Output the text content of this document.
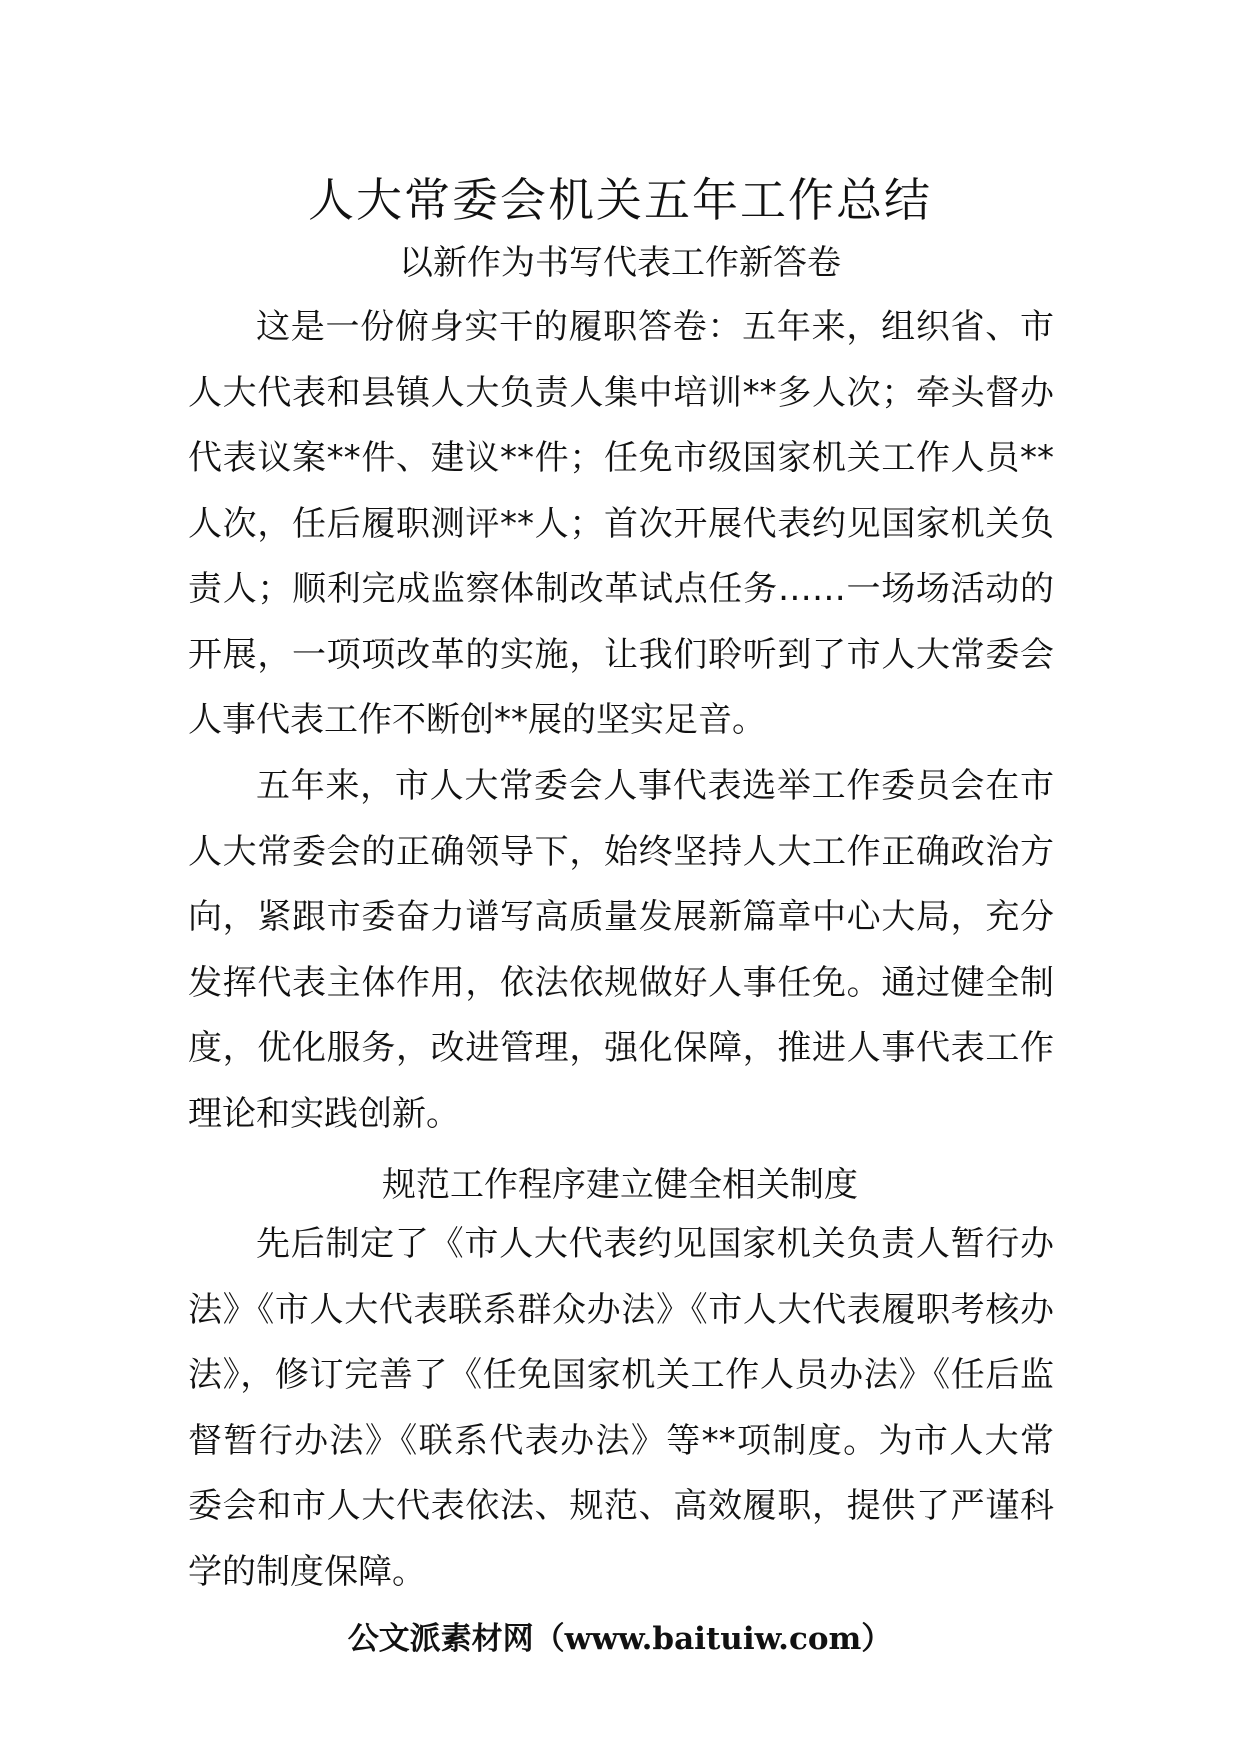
人大常委会机关五年工作总结
以新作为书写代表工作新答卷

这是一份俯身实干的履职答卷：五年来，组织省、市人大代表和县镇人大负责人集中培训**多人次；牵头督办代表议案**件、建议**件；任免市级国家机关工作人员**人次，任后履职测评**人；首次开展代表约见国家机关负责人；顺利完成监察体制改革试点任务……一场场活动的开展，一项项改革的实施，让我们聆听到了市人大常委会人事代表工作不断创**展的坚实足音。

五年来，市人大常委会人事代表选举工作委员会在市人大常委会的正确领导下，始终坚持人大工作正确政治方向，紧跟市委奋力谱写高质量发展新篇章中心大局，充分发挥代表主体作用，依法依规做好人事任免。通过健全制度，优化服务，改进管理，强化保障，推进人事代表工作理论和实践创新。

规范工作程序建立健全相关制度

先后制定了《市人大代表约见国家机关负责人暂行办法》《市人大代表联系群众办法》《市人大代表履职考核办法》，修订完善了《任免国家机关工作人员办法》《任后监督暂行办法》《联系代表办法》等**项制度。为市人大常委会和市人大代表依法、规范、高效履职，提供了严谨科学的制度保障。

公文派素材网（www.baituiw.com）
